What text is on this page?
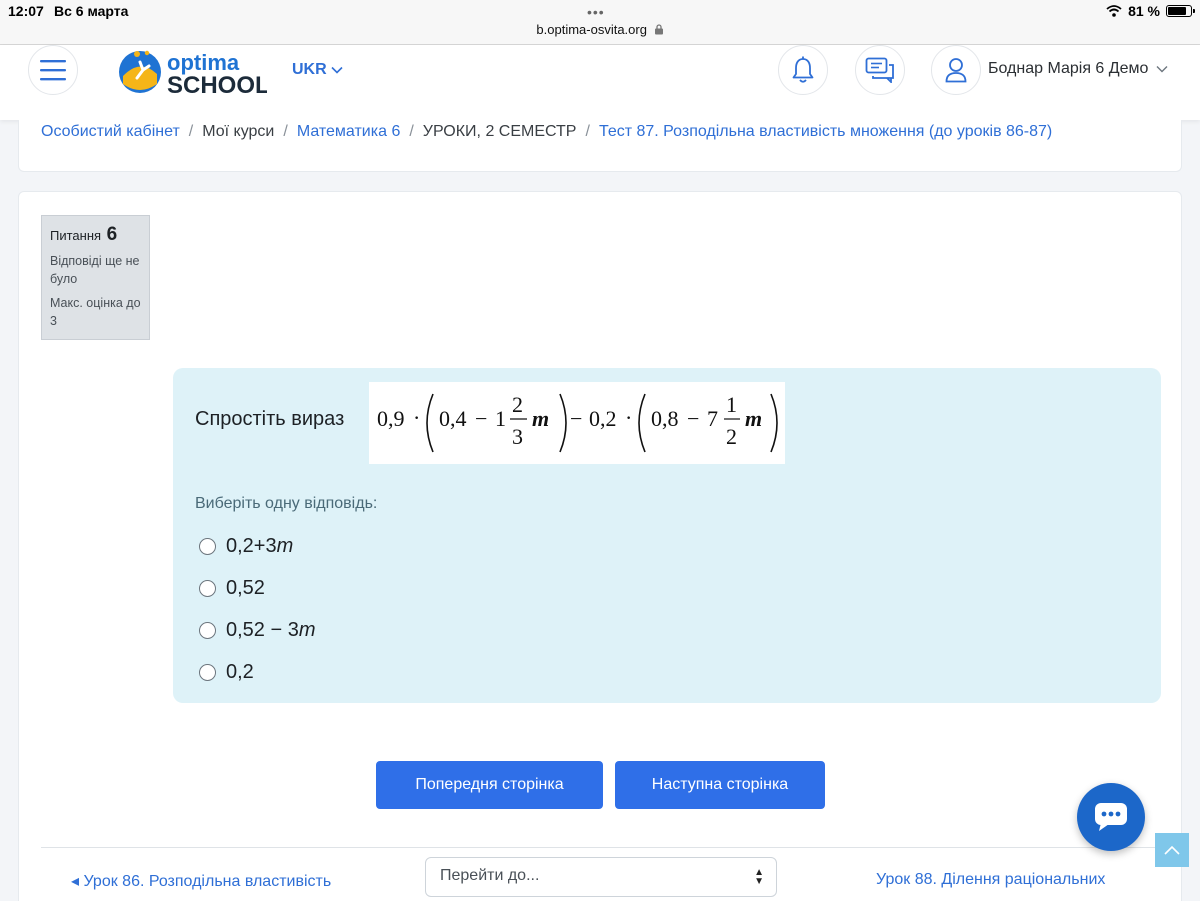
12:07 Вс 6 марта	•••
b.optima-osvita.org
81 %
optima
SCHOOL
UKR	Боднар Марія 6 Демо
Особистий кабінет / Мої курси / Математика 6 / УРОКИ, 2 СЕМЕСТР / Тест 87. Розподільна властивість множення (до уроків 86-87)
Питання 6
Відповіді ще не було
Макс. оцінка до 3
Спростіть вираз 0,9 · 0,4 − 1
2
3
m − 0,2 · 0,8 − 7
1
2
m
Виберіть одну відповідь:
0,2+3m
0,52
0,52 − 3m
0,2
Попередня сторінка	Наступна сторінка
◂ Урок 86. Розподільна властивість	Перейти до...	▲
▼	Урок 88. Ділення раціональних
